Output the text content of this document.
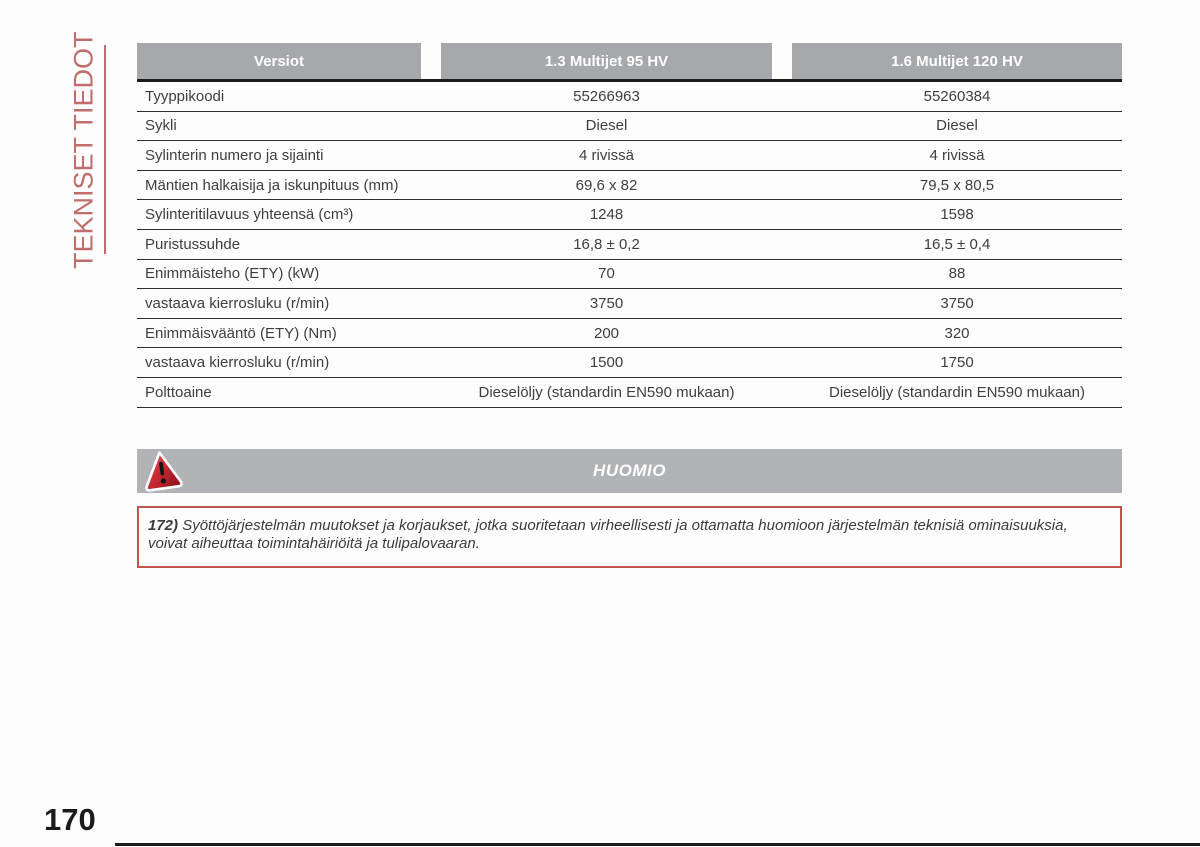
TEKNISET TIEDOT	Versiot	1.3 Multijet 95 HV	1.6 Multijet 120 HV
Tyyppikoodi	55266963	55260384
Sykli	Diesel	Diesel
Sylinterin numero ja sijainti	4 rivissä	4 rivissä
Mäntien halkaisija ja iskunpituus (mm)	69,6 x 82	79,5 x 80,5
Sylinteritilavuus yhteensä (cm³)	1248	1598
Puristussuhde	16,8 ± 0,2	16,5 ± 0,4
Enimmäisteho (ETY) (kW)	70	88
vastaava kierrosluku (r/min)	3750	3750
Enimmäisvääntö (ETY) (Nm)	200	320
vastaava kierrosluku (r/min)	1500	1750
Polttoaine	Dieselöljy (standardin EN590 mukaan)	Dieselöljy (standardin EN590 mukaan)
HUOMIO
172) Syöttöjärjestelmän muutokset ja korjaukset, jotka suoritetaan virheellisesti ja ottamatta huomioon järjestelmän teknisiä ominaisuuksia, voivat aiheuttaa toimintahäiriöitä ja tulipalovaaran.
170
